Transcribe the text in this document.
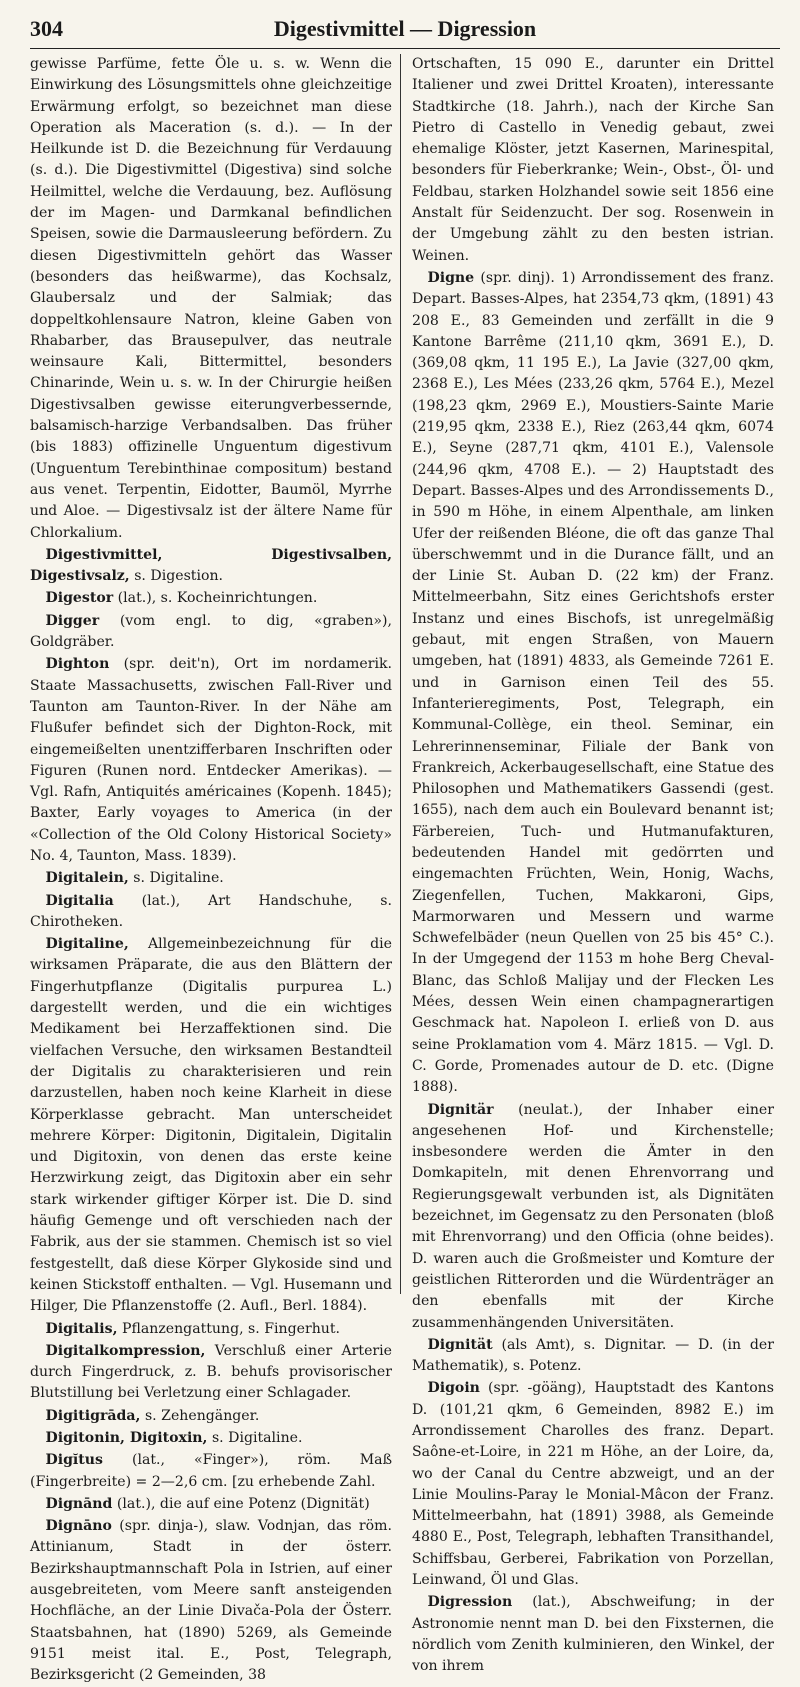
304	Digestivmittel — Digression

gewisse Parfüme, fette Öle u. s. w. Wenn die Einwirkung des Lösungsmittels ohne gleichzeitige Erwärmung erfolgt, so bezeichnet man diese Operation als Maceration (s. d.). — In der Heilkunde ist D. die Bezeichnung für Verdauung (s. d.). Die Digestivmittel (Digestiva) sind solche Heilmittel, welche die Verdauung, bez. Auflösung der im Magen- und Darmkanal befindlichen Speisen, sowie die Darmausleerung befördern. Zu diesen Digestivmitteln gehört das Wasser (besonders das heißwarme), das Kochsalz, Glaubersalz und der Salmiak; das doppeltkohlensaure Natron, kleine Gaben von Rhabarber, das Brausepulver, das neutrale weinsaure Kali, Bittermittel, besonders Chinarinde, Wein u. s. w. In der Chirurgie heißen Digestivsalben gewisse eiterungverbessernde, balsamisch-harzige Verbandsalben. Das früher (bis 1883) offizinelle Unguentum digestivum (Unguentum Terebinthinae compositum) bestand aus venet. Terpentin, Eidotter, Baumöl, Myrrhe und Aloe. — Digestivsalz ist der ältere Name für Chlorkalium.

Digestivmittel, Digestivsalben, Digestivsalz, s. Digestion.

Digestor (lat.), s. Kocheinrichtungen.

Digger (vom engl. to dig, «graben»), Goldgräber.

Dighton (spr. deit'n), Ort im nordamerik. Staate Massachusetts, zwischen Fall-River und Taunton am Taunton-River. In der Nähe am Flußufer befindet sich der Dighton-Rock, mit eingemeißelten unentzifferbaren Inschriften oder Figuren (Runen nord. Entdecker Amerikas). — Vgl. Rafn, Antiquités américaines (Kopenh. 1845); Baxter, Early voyages to America (in der «Collection of the Old Colony Historical Society» No. 4, Taunton, Mass. 1839).

Digitalein, s. Digitaline.

Digitalia (lat.), Art Handschuhe, s. Chirotheken.

Digitaline, Allgemeinbezeichnung für die wirksamen Präparate, die aus den Blättern der Fingerhutpflanze (Digitalis purpurea L.) dargestellt werden, und die ein wichtiges Medikament bei Herzaffektionen sind. Die vielfachen Versuche, den wirksamen Bestandteil der Digitalis zu charakterisieren und rein darzustellen, haben noch keine Klarheit in diese Körperklasse gebracht. Man unterscheidet mehrere Körper: Digitonin, Digitalein, Digitalin und Digitoxin, von denen das erste keine Herzwirkung zeigt, das Digitoxin aber ein sehr stark wirkender giftiger Körper ist. Die D. sind häufig Gemenge und oft verschieden nach der Fabrik, aus der sie stammen. Chemisch ist so viel festgestellt, daß diese Körper Glykoside sind und keinen Stickstoff enthalten. — Vgl. Husemann und Hilger, Die Pflanzenstoffe (2. Aufl., Berl. 1884).

Digitalis, Pflanzengattung, s. Fingerhut.

Digitalkompression, Verschluß einer Arterie durch Fingerdruck, z. B. behufs provisorischer Blutstillung bei Verletzung einer Schlagader.

Digitigrāda, s. Zehengänger.

Digitonin, Digitoxin, s. Digitaline.

Digĭtus (lat., «Finger»), röm. Maß (Fingerbreite) = 2—2,6 cm. [zu erhebende Zahl.

Dignānd (lat.), die auf eine Potenz (Dignität)

Dignāno (spr. dinja-), slaw. Vodnjan, das röm. Attinianum, Stadt in der österr. Bezirkshauptmannschaft Pola in Istrien, auf einer ausgebreiteten, vom Meere sanft ansteigenden Hochfläche, an der Linie Divača-Pola der Österr. Staatsbahnen, hat (1890) 5269, als Gemeinde 9151 meist ital. E., Post, Telegraph, Bezirksgericht (2 Gemeinden, 38

Ortschaften, 15 090 E., darunter ein Drittel Italiener und zwei Drittel Kroaten), interessante Stadtkirche (18. Jahrh.), nach der Kirche San Pietro di Castello in Venedig gebaut, zwei ehemalige Klöster, jetzt Kasernen, Marinespital, besonders für Fieberkranke; Wein-, Obst-, Öl- und Feldbau, starken Holzhandel sowie seit 1856 eine Anstalt für Seidenzucht. Der sog. Rosenwein in der Umgebung zählt zu den besten istrian. Weinen.

Digne (spr. dinj). 1) Arrondissement des franz. Depart. Basses-Alpes, hat 2354,73 qkm, (1891) 43 208 E., 83 Gemeinden und zerfällt in die 9 Kantone Barrême (211,10 qkm, 3691 E.), D. (369,08 qkm, 11 195 E.), La Javie (327,00 qkm, 2368 E.), Les Mées (233,26 qkm, 5764 E.), Mezel (198,23 qkm, 2969 E.), Moustiers-Sainte Marie (219,95 qkm, 2338 E.), Riez (263,44 qkm, 6074 E.), Seyne (287,71 qkm, 4101 E.), Valensole (244,96 qkm, 4708 E.). — 2) Hauptstadt des Depart. Basses-Alpes und des Arrondissements D., in 590 m Höhe, in einem Alpenthale, am linken Ufer der reißenden Bléone, die oft das ganze Thal überschwemmt und in die Durance fällt, und an der Linie St. Auban D. (22 km) der Franz. Mittelmeerbahn, Sitz eines Gerichtshofs erster Instanz und eines Bischofs, ist unregelmäßig gebaut, mit engen Straßen, von Mauern umgeben, hat (1891) 4833, als Gemeinde 7261 E. und in Garnison einen Teil des 55. Infanterieregiments, Post, Telegraph, ein Kommunal-Collège, ein theol. Seminar, ein Lehrerinnenseminar, Filiale der Bank von Frankreich, Ackerbaugesellschaft, eine Statue des Philosophen und Mathematikers Gassendi (gest. 1655), nach dem auch ein Boulevard benannt ist; Färbereien, Tuch- und Hutmanufakturen, bedeutenden Handel mit gedörrten und eingemachten Früchten, Wein, Honig, Wachs, Ziegenfellen, Tuchen, Makkaroni, Gips, Marmorwaren und Messern und warme Schwefelbäder (neun Quellen von 25 bis 45° C.). In der Umgegend der 1153 m hohe Berg Cheval-Blanc, das Schloß Malijay und der Flecken Les Mées, dessen Wein einen champagnerartigen Geschmack hat. Napoleon I. erließ von D. aus seine Proklamation vom 4. März 1815. — Vgl. D. C. Gorde, Promenades autour de D. etc. (Digne 1888).

Dignitär (neulat.), der Inhaber einer angesehenen Hof- und Kirchenstelle; insbesondere werden die Ämter in den Domkapiteln, mit denen Ehrenvorrang und Regierungsgewalt verbunden ist, als Dignitäten bezeichnet, im Gegensatz zu den Personaten (bloß mit Ehrenvorrang) und den Officia (ohne beides). D. waren auch die Großmeister und Komture der geistlichen Ritterorden und die Würdenträger an den ebenfalls mit der Kirche zusammenhängenden Universitäten.

Dignität (als Amt), s. Dignitar. — D. (in der Mathematik), s. Potenz.

Digoin (spr. -göäng), Hauptstadt des Kantons D. (101,21 qkm, 6 Gemeinden, 8982 E.) im Arrondissement Charolles des franz. Depart. Saône-et-Loire, in 221 m Höhe, an der Loire, da, wo der Canal du Centre abzweigt, und an der Linie Moulins-Paray le Monial-Mâcon der Franz. Mittelmeerbahn, hat (1891) 3988, als Gemeinde 4880 E., Post, Telegraph, lebhaften Transithandel, Schiffsbau, Gerberei, Fabrikation von Porzellan, Leinwand, Öl und Glas.

Digression (lat.), Abschweifung; in der Astronomie nennt man D. bei den Fixsternen, die nördlich vom Zenith kulminieren, den Winkel, der von ihrem
